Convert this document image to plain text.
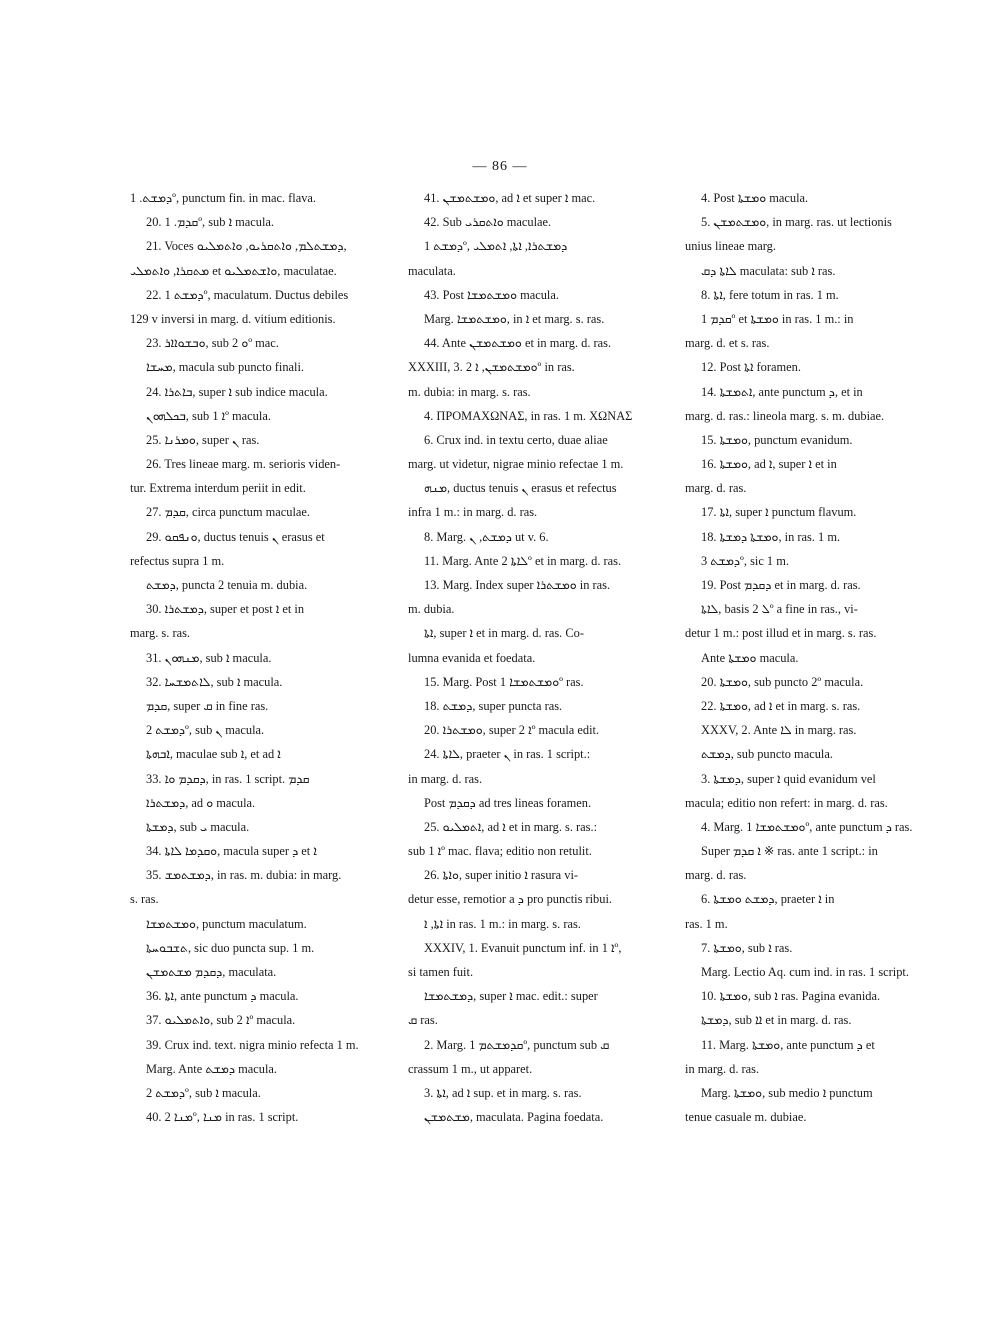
— 86 —
ܕܡܫܬ. 1º, punctum fin. in mac. flava.
20. ܩܕܡ. 1º, sub ܐ macula.
21. Voces ܕܡܫܬܠܡ, ܘܐܬܩܪܝܘ, ܘܐܬܡܠܝܘ,
ܡܬܩܪܐ, ܘܐܬܡܠܝ et ܘܐܫܬܡܠܝܘ, maculatae.
22. ܕܡܫܬ 1º, maculatum. Ductus debiles
129 v inversi in marg. d. vitium editionis.
23. ܘܒܫܘܐܐܪ, sub ܘ 2º mac.
ܡܚܫܐ, macula sub puncto finali.
24. ܒܐܬܪܐ, super ܐ sub indice macula.
ܒܟܠܗܘܢ, sub ܐ 1º macula.
25. ܘܡܪܢܐ, super ܢ ras.
26. Tres lineae marg. m. serioris viden-
tur. Extrema interdum periit in edit.
27. ܩܕܡ, circa punctum maculae.
29. ܘܢܦܩܘ, ductus tenuis ܢ erasus et
refectus supra 1 m.
ܕܡܫܬ, puncta 2 tenuia m. dubia.
30. ܕܡܫܬܪܐ, super et post ܐ et in
marg. s. ras.
31. ܡܢܗܘܢ, sub ܐ macula.
32. ܠܐܬܡܫܚܐ, sub ܐ macula.
ܩܕܡ, super ܩ in fine ras.
ܕܡܫܬ 2º, sub ܢ macula.
ܐܒܗܬܐ, maculae sub ܐ, et ad ܐ
33. ܕܩܕܡ ܘܐ, in ras. 1 script. ܩܕܡ
ܕܡܫܬܪܐ, ad ܘ macula.
ܕܡܫܬܐ, sub ܝ macula.
34. ܘܩܕܡܐ ܠܐܬܐ, macula super ܕ et ܐ
35. ܕܡܫܬܡܫ, in ras. m. dubia: in marg.
s. ras.
ܘܡܫܬܡܫܐ, punctum maculatum.
ܬܫܒܘܚܬܐ, sic duo puncta sup. 1 m.
ܕܩܕܡ ܡܫܬܡܫܢ, maculata.
36. ܐܬܐ, ante punctum ܕ macula.
37. ܘܐܬܡܠܝܘ, sub ܐ 2º macula.
39. Crux ind. text. nigra minio refecta 1 m.
Marg. Ante ܕܡܫܬ macula.
ܕܡܫܬ 2º, sub ܐ macula.
40. ܡܢܐ 2º, ܡܢܐ in ras. 1 script.
41. ܘܡܫܬܡܫܢ, ad ܐ et super ܐ mac.
42. Sub ܘܐܬܩܪܝ maculae.
ܕܡܫܬ 1º, ܕܡܫܬܪܐ, ܐܬܐ, ܐܬܡܠܝ
maculata.
43. Post ܘܡܫܬܡܫܐ macula.
Marg. ܘܡܫܬܡܫܐ, in ܐ et marg. s. ras.
44. Ante ܘܡܫܬܡܫܢ et in marg. d. ras.
XXXIII, 3. ܘܡܫܬܡܫܢ, ܐ 2º in ras.
m. dubia: in marg. s. ras.
4. ΠΡΟΜΑΧΩΝΑΣ, in ras. 1 m. ΧΩΝΑΣ
6. Crux ind. in textu certo, duae aliae
marg. ut videtur, nigrae minio refectae 1 m.
ܡܢܗ, ductus tenuis ܢ erasus et refectus
infra 1 m.: in marg. d. ras.
8. Marg. ܕܡܫܬ, ܢ ut v. 6.
11. Marg. Ante ܠܐܬܐ 2º et in marg. d. ras.
13. Marg. Index super ܘܡܫܬܪܐ in ras.
m. dubia.
ܐܬܐ, super ܐ et in marg. d. ras. Co-
lumna evanida et foedata.
15. Marg. Post ܘܡܫܬܡܫܐ 1º ras.
18. ܕܡܫܬ, super puncta ras.
20. ܘܡܫܬܪܐ, super ܐ 2º macula edit.
24. ܠܐܬܐ, praeter ܢ in ras. 1 script.:
in marg. d. ras.
Post ܕܩܕܡ ad tres lineas foramen.
25. ܐܬܡܠܝܘ, ad ܐ et in marg. s. ras.:
sub ܐ 1º mac. flava; editio non retulit.
26. ܘܐܬܐ, super initio ܐ rasura vi-
detur esse, remotior a ܕ pro punctis ribui.
ܐܬܐ, ܐ in ras. 1 m.: in marg. s. ras.
XXXIV, 1. Evanuit punctum inf. in ܐ 1º,
si tamen fuit.
ܕܡܫܬܡܫܐ, super ܐ mac. edit.: super
ܩ ras.
2. Marg. ܩܕܡܫܬܡ 1º, punctum sub ܩ
crassum 1 m., ut apparet.
3. ܐܬܐ, ad ܐ sup. et in marg. s. ras.
ܡܫܬܡܫܢ, maculata. Pagina foedata.
4. Post ܘܡܫܬܐ macula.
5. ܘܡܫܬܡܫܢ, in marg. ras. ut lectionis
unius lineae marg.
ܠܐܬܐ ܕܩ maculata: sub ܐ ras.
8. ܐܬܐ, fere totum in ras. 1 m.
ܩܕܡ 1º et ܘܡܫܬܐ in ras. 1 m.: in
marg. d. et s. ras.
12. Post ܐܬܐ foramen.
14. ܐܬܡܫܬܐ, ante punctum ܕ, et in
marg. d. ras.: lineola marg. s. m. dubiae.
15. ܘܡܫܬܐ, punctum evanidum.
16. ܘܡܫܬܐ, ad ܐ, super ܐ et in
marg. d. ras.
17. ܐܬܐ, super ܐ punctum flavum.
18. ܘܡܫܬܐ ܕܡܫܬܐ, in ras. 1 m.
ܕܡܫܬ 3º, sic 1 m.
19. Post ܕܩܕܡ et in marg. d. ras.
ܠܐܬܐ, basis ܠ 2º a fine in ras., vi-
detur 1 m.: post illud et in marg. s. ras.
Ante ܘܡܫܬܐ macula.
20. ܘܡܫܬܐ, sub puncto 2º macula.
22. ܘܡܫܬܐ, ad ܐ et in marg. s. ras.
XXXV, 2. Ante ܠܐ in marg. ras.
ܕܡܫܬ, sub puncto macula.
3. ܕܡܫܬܐ, super ܐ quid evanidum vel
macula; editio non refert: in marg. d. ras.
4. Marg. ܘܡܫܬܡܫܐ 1º, ante punctum ܕ ras.
Super ܐ ܩܕܡ ※ ras. ante 1 script.: in
marg. d. ras.
6. ܕܡܫܬ ܘܡܫܬܐ, praeter ܐ in
ras. 1 m.
7. ܘܡܫܬܐ, sub ܐ ras.
Marg. Lectio Aq. cum ind. in ras. 1 script.
10. ܘܡܫܬܐ, sub ܐ ras. Pagina evanida.
ܕܡܫܬܐ, sub ܐܐ et in marg. d. ras.
11. Marg. ܘܡܫܬܐ, ante punctum ܕ et
in marg. d. ras.
Marg. ܘܡܫܬܐ, sub medio ܐ punctum
tenue casuale m. dubiae.
